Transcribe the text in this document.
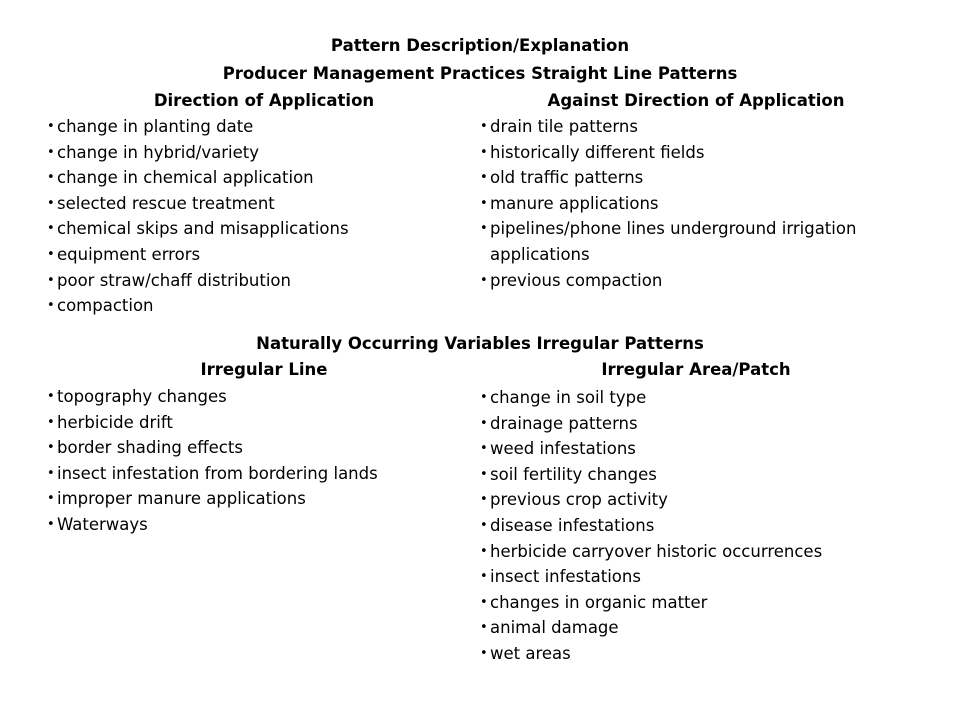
Pattern Description/Explanation
Producer Management Practices Straight Line Patterns
Direction of Application	Against Direction of Application
• change in planting date
• change in hybrid/variety
• change in chemical application
• selected rescue treatment
• chemical skips and misapplications
• equipment errors
• poor straw/chaff distribution
• compaction
• drain tile patterns
• historically different fields
• old traffic patterns
• manure applications
• pipelines/phone lines underground irrigation applications
• previous compaction
Naturally Occurring Variables Irregular Patterns
Irregular Line	Irregular Area/Patch
• topography changes
• herbicide drift
• border shading effects
• insect infestation from bordering lands
• improper manure applications
• Waterways
• change in soil type
• drainage patterns
• weed infestations
• soil fertility changes
• previous crop activity
• disease infestations
• herbicide carryover historic occurrences
• insect infestations
• changes in organic matter
• animal damage
• wet areas
